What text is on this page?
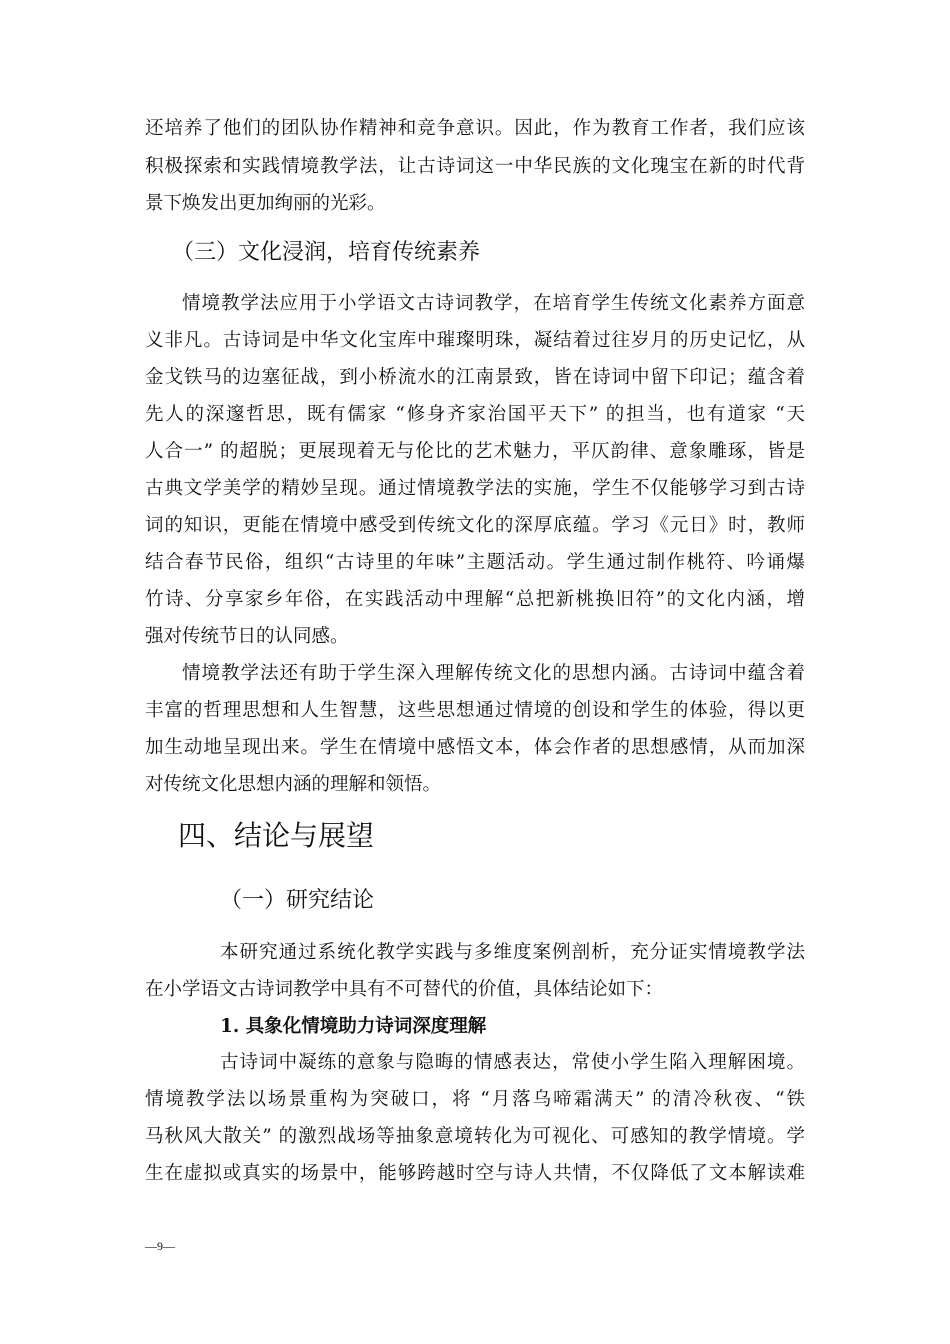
还培养了他们的团队协作精神和竞争意识。因此，作为教育工作者，我们应该
积极探索和实践情境教学法，让古诗词这一中华民族的文化瑰宝在新的时代背
景下焕发出更加绚丽的光彩。
（三）文化浸润，培育传统素养
情境教学法应用于小学语文古诗词教学，在培育学生传统文化素养方面意
义非凡。古诗词是中华文化宝库中璀璨明珠，凝结着过往岁月的历史记忆，从
金戈铁马的边塞征战，到小桥流水的江南景致，皆在诗词中留下印记；蕴含着
先人的深邃哲思，既有儒家 “修身齐家治国平天下” 的担当，也有道家 “天
人合一” 的超脱；更展现着无与伦比的艺术魅力，平仄韵律、意象雕琢，皆是
古典文学美学的精妙呈现。通过情境教学法的实施，学生不仅能够学习到古诗
词的知识，更能在情境中感受到传统文化的深厚底蕴。学习《元日》时，教师
结合春节民俗，组织“古诗里的年味”主题活动。学生通过制作桃符、吟诵爆
竹诗、分享家乡年俗，在实践活动中理解“总把新桃换旧符”的文化内涵，增
强对传统节日的认同感。
情境教学法还有助于学生深入理解传统文化的思想内涵。古诗词中蕴含着
丰富的哲理思想和人生智慧，这些思想通过情境的创设和学生的体验，得以更
加生动地呈现出来。学生在情境中感悟文本，体会作者的思想感情，从而加深
对传统文化思想内涵的理解和领悟。
四、结论与展望
（一）研究结论
本研究通过系统化教学实践与多维度案例剖析，充分证实情境教学法
在小学语文古诗词教学中具有不可替代的价值，具体结论如下：
1. 具象化情境助力诗词深度理解
古诗词中凝练的意象与隐晦的情感表达，常使小学生陷入理解困境。
情境教学法以场景重构为突破口，将 “月落乌啼霜满天” 的清冷秋夜、“铁
马秋风大散关” 的激烈战场等抽象意境转化为可视化、可感知的教学情境。学
生在虚拟或真实的场景中，能够跨越时空与诗人共情，不仅降低了文本解读难
—9—
